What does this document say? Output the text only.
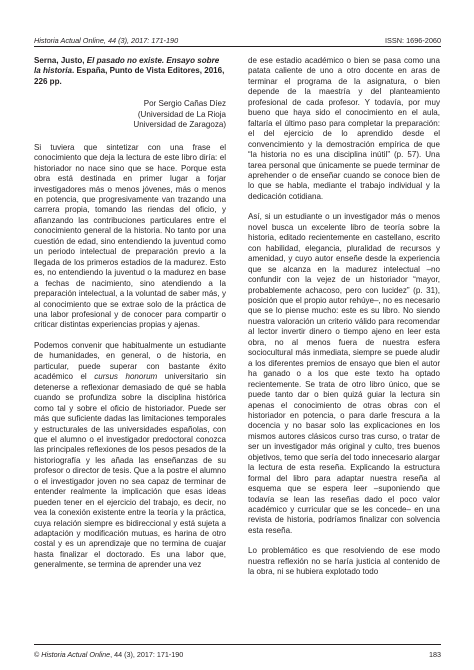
Historia Actual Online, 44 (3), 2017: 171-190	ISSN: 1696-2060
Serna, Justo, El pasado no existe. Ensayo sobre la historia. España, Punto de Vista Editores, 2016, 226 pp.
Por Sergio Cañas Díez
(Universidad de La Rioja
Universidad de Zaragoza)

Si tuviera que sintetizar con una frase el conocimiento que deja la lectura de este libro diría: el historiador no nace sino que se hace. Porque esta obra está destinada en primer lugar a forjar investigadores más o menos jóvenes, más o menos en potencia, que progresivamente van trazando una carrera propia, tomando las riendas del oficio, y afianzando las contribuciones particulares entre el conocimiento general de la historia. No tanto por una cuestión de edad, sino entendiendo la juventud como un periodo intelectual de preparación previo a la llegada de los primeros estadios de la madurez. Esto es, no entendiendo la juventud o la madurez en base a fechas de nacimiento, sino atendiendo a la preparación intelectual, a la voluntad de saber más, y al conocimiento que se extrae solo de la práctica de una labor profesional y de conocer para compartir o criticar distintas experiencias propias y ajenas.

Podemos convenir que habitualmente un estudiante de humanidades, en general, o de historia, en particular, puede superar con bastante éxito académico el cursus honorum universitario sin detenerse a reflexionar demasiado de qué se habla cuando se profundiza sobre la disciplina histórica como tal y sobre el oficio de historiador. Puede ser más que suficiente dadas las limitaciones temporales y estructurales de las universidades españolas, con que el alumno o el investigador predoctoral conozca las principales reflexiones de los pesos pesados de la historiografía y les añada las enseñanzas de su profesor o director de tesis. Que a la postre el alumno o el investigador joven no sea capaz de terminar de entender realmente la implicación que esas ideas pueden tener en el ejercicio del trabajo, es decir, no vea la conexión existente entre la teoría y la práctica, cuya relación siempre es bidireccional y está sujeta a adaptación y modificación mutuas, es harina de otro costal y es un aprendizaje que no termina de cuajar hasta finalizar el doctorado. Es una labor que, generalmente, se termina de aprender una vez

de ese estadio académico o bien se pasa como una patata caliente de uno a otro docente en aras de terminar el programa de la asignatura, o bien depende de la maestría y del planteamiento profesional de cada profesor. Y todavía, por muy bueno que haya sido el conocimiento en el aula, faltaría el último paso para completar la preparación: el del ejercicio de lo aprendido desde el convencimiento y la demostración empírica de que “la historia no es una disciplina inútil” (p. 57). Una tarea personal que únicamente se puede terminar de aprehender o de enseñar cuando se conoce bien de lo que se habla, mediante el trabajo individual y la dedicación cotidiana.

Así, si un estudiante o un investigador más o menos novel busca un excelente libro de teoría sobre la historia, editado recientemente en castellano, escrito con habilidad, elegancia, pluralidad de recursos y amenidad, y cuyo autor enseñe desde la experiencia que se alcanza en la madurez intelectual –no confundir con la vejez de un historiador “mayor, probablemente achacoso, pero con lucidez” (p. 31), posición que el propio autor rehúye–, no es necesario que se lo piense mucho: este es su libro. No siendo nuestra valoración un criterio válido para recomendar al lector invertir dinero o tiempo ajeno en leer esta obra, no al menos fuera de nuestra esfera sociocultural más inmediata, siempre se puede aludir a los diferentes premios de ensayo que bien el autor ha ganado o a los que este texto ha optado recientemente. Se trata de otro libro único, que se puede tanto dar o bien quizá guiar la lectura sin apenas el conocimiento de otras obras con el historiador en potencia, o para darle frescura a la docencia y no basar solo las explicaciones en los mismos autores clásicos curso tras curso, o tratar de ser un investigador más original y culto, tres buenos objetivos, temo que sería del todo innecesario alargar la lectura de esta reseña. Explicando la estructura formal del libro para adaptar nuestra reseña al esquema que se espera leer –suponiendo que todavía se lean las reseñas dado el poco valor académico y curricular que se les concede– en una revista de historia, podríamos finalizar con solvencia esta reseña.

Lo problemático es que resolviendo de ese modo nuestra reflexión no se haría justicia al contenido de la obra, ni se hubiera explotado todo

© Historia Actual Online, 44 (3), 2017: 171-190	183
